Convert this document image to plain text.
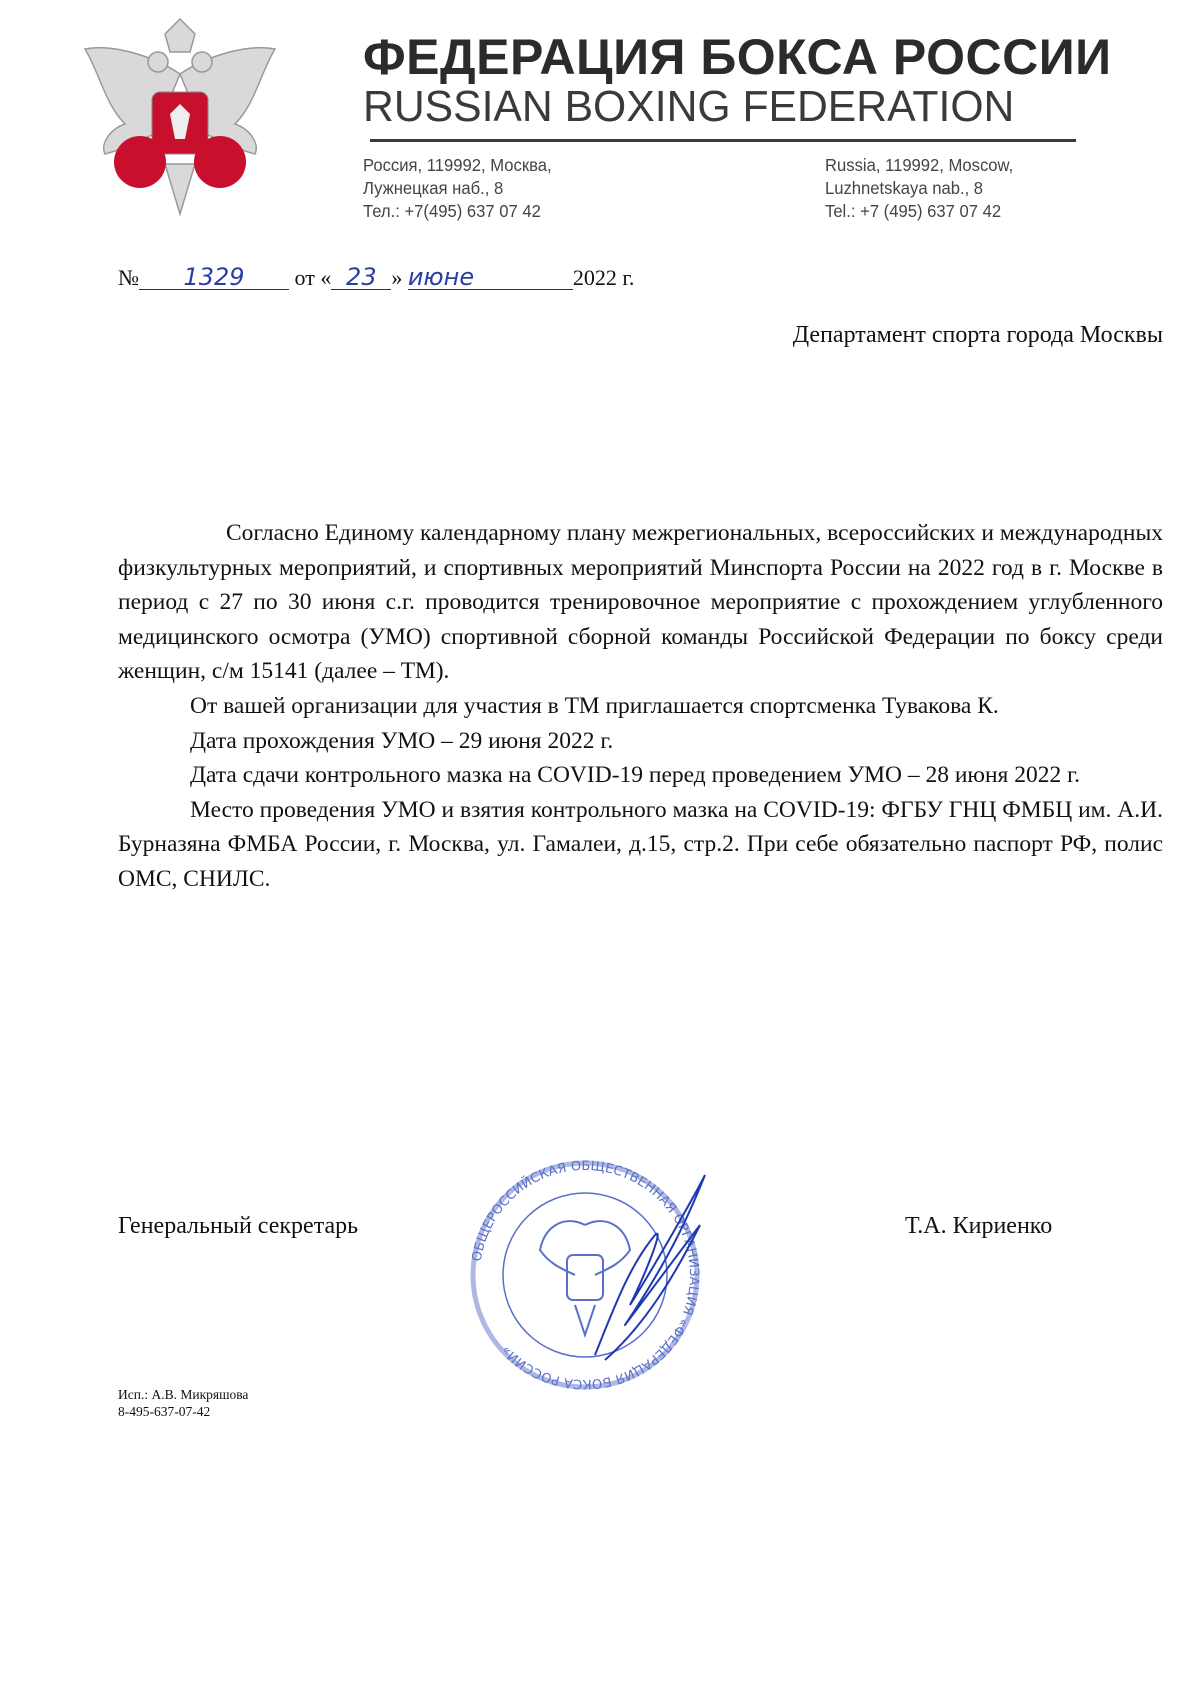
ФЕДЕРАЦИЯ БОКСА РОССИИ
RUSSIAN BOXING FEDERATION
Россия, 119992, Москва,
Лужнецкая наб., 8
Тел.: +7(495) 637 07 42
Russia, 119992, Moscow,
Luzhnetskaya nab., 8
Tel.: +7 (495) 637 07 42
№ 1329 от « 23 » июне	2022 г.
Департамент спорта города Москвы

Согласно Единому календарному плану межрегиональных, всероссийских и международных физкультурных мероприятий, и спортивных мероприятий Минспорта России на 2022 год в г. Москве в период с 27 по 30 июня с.г. проводится тренировочное мероприятие с прохождением углубленного медицинского осмотра (УМО) спортивной сборной команды Российской Федерации по боксу среди женщин, с/м 15141 (далее – ТМ).

От вашей организации для участия в ТМ приглашается спортсменка Тувакова К.

Дата прохождения УМО – 29 июня 2022 г.

Дата сдачи контрольного мазка на COVID-19 перед проведением УМО – 28 июня 2022 г.

Место проведения УМО и взятия контрольного мазка на COVID-19: ФГБУ ГНЦ ФМБЦ им. А.И. Бурназяна ФМБА России, г. Москва, ул. Гамалеи, д.15, стр.2. При себе обязательно паспорт РФ, полис ОМС, СНИЛС.

Генеральный секретарь
ОБЩЕРОССИЙСКАЯ ОБЩЕСТВЕННАЯ ОРГАНИЗАЦИЯ «ФЕДЕРАЦИЯ БОКСА РОССИИ»
Т.А. Кириенко
Исп.: А.В. Микряшова
8-495-637-07-42
